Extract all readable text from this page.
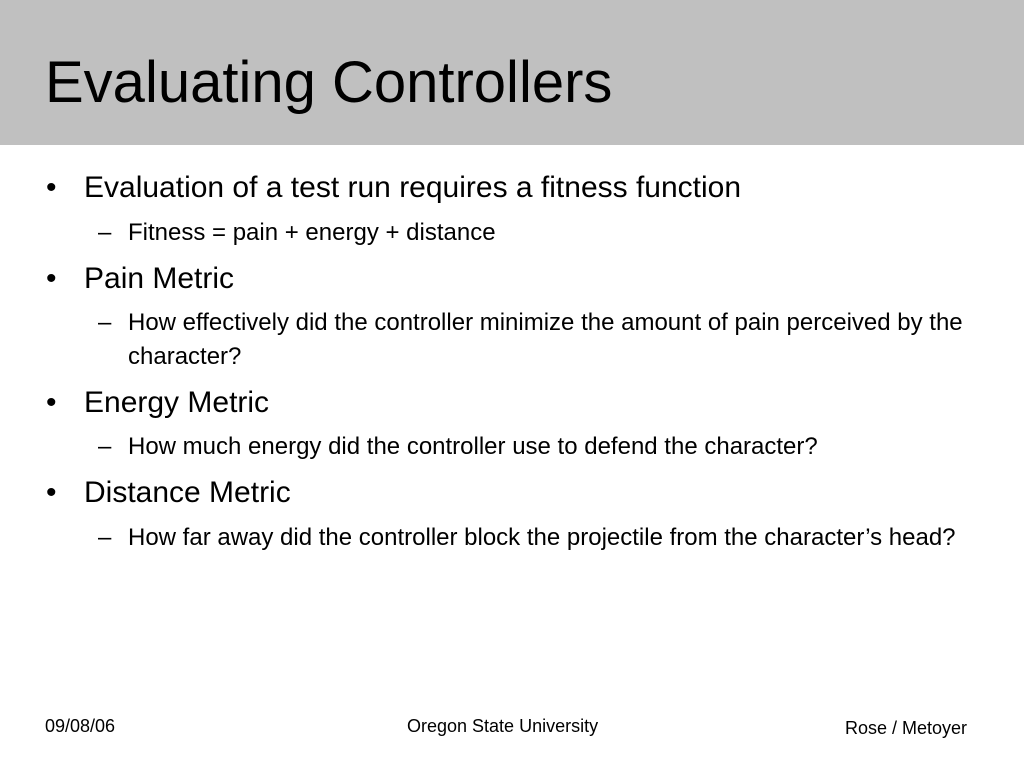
Evaluating Controllers
• Evaluation of a test run requires a fitness function
– Fitness = pain + energy + distance
• Pain Metric
– How effectively did the controller minimize the amount of pain perceived by the character?
• Energy Metric
– How much energy did the controller use to defend the character?
• Distance Metric
– How far away did the controller block the projectile from the character’s head?
09/08/06	Oregon State University	Rose / Metoyer
